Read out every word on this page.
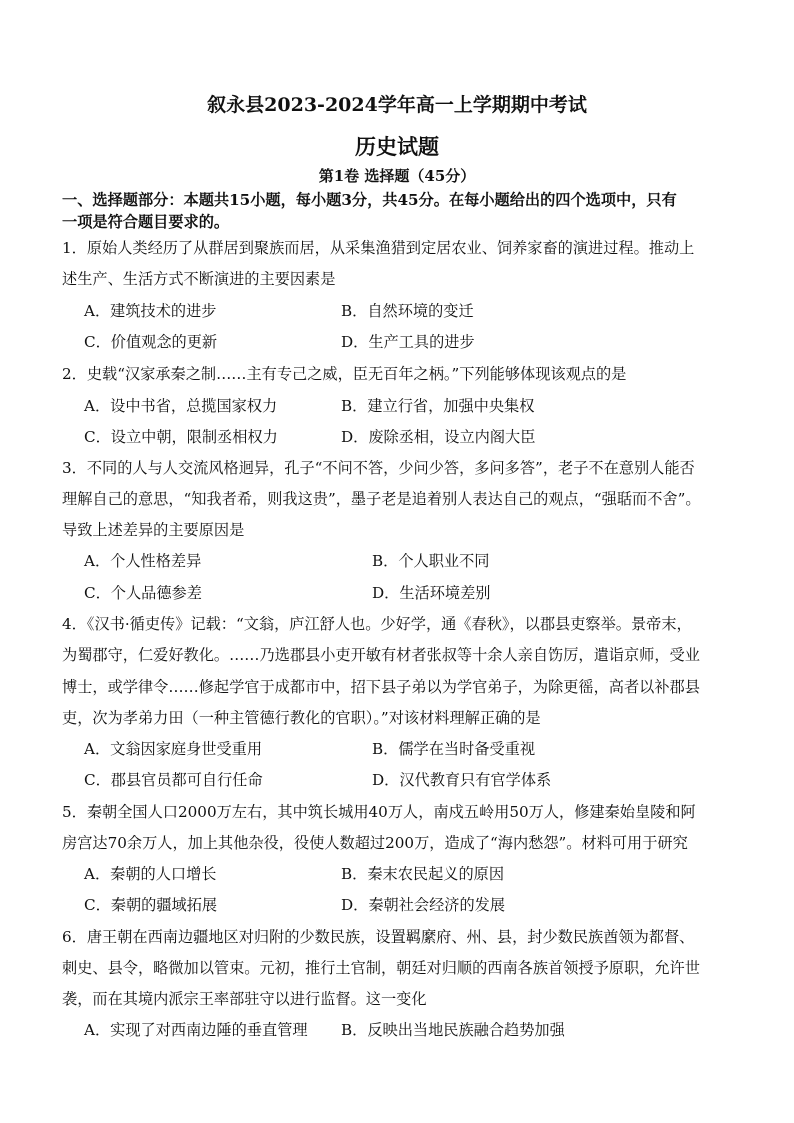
叙永县2023-2024学年高一上学期期中考试
历史试题
第1卷 选择题（45分）
一、选择题部分：本题共15小题，每小题3分，共45分。在每小题给出的四个选项中，只有
一项是符合题目要求的。
1．原始人类经历了从群居到聚族而居，从采集渔猎到定居农业、饲养家畜的演进过程。推动上
述生产、生活方式不断演进的主要因素是
A．建筑技术的进步	B．自然环境的变迁
C．价值观念的更新	D．生产工具的进步
2．史载“汉家承秦之制……主有专己之威，臣无百年之柄。”下列能够体现该观点的是
A．设中书省，总揽国家权力	B．建立行省，加强中央集权
C．设立中朝，限制丞相权力	D．废除丞相，设立内阁大臣
3．不同的人与人交流风格迥异，孔子“不问不答，少问少答，多问多答”，老子不在意别人能否
理解自己的意思，“知我者希，则我这贵”，墨子老是追着别人表达自己的观点，“强聒而不舍”。
导致上述差异的主要原因是
A．个人性格差异	B．个人职业不同
C．个人品德参差	D．生活环境差别
4．《汉书·循吏传》记载：“文翁，庐江舒人也。少好学，通《春秋》，以郡县吏察举。景帝末，
为蜀郡守，仁爱好教化。……乃选郡县小吏开敏有材者张叔等十余人亲自饬厉，遣诣京师，受业
博士，或学律令……修起学官于成都市中，招下县子弟以为学官弟子，为除更徭，高者以补郡县
吏，次为孝弟力田（一种主管德行教化的官职）。”对该材料理解正确的是
A．文翁因家庭身世受重用	B．儒学在当时备受重视
C．郡县官员都可自行任命	D．汉代教育只有官学体系
5．秦朝全国人口2000万左右，其中筑长城用40万人，南戍五岭用50万人，修建秦始皇陵和阿
房宫达70余万人，加上其他杂役，役使人数超过200万，造成了“海内愁怨”。材料可用于研究
A．秦朝的人口增长	B．秦末农民起义的原因
C．秦朝的疆域拓展	D．秦朝社会经济的发展
6．唐王朝在西南边疆地区对归附的少数民族，设置羁縻府、州、县，封少数民族酋领为都督、
刺史、县令，略微加以管束。元初，推行土官制，朝廷对归顺的西南各族首领授予原职，允许世
袭，而在其境内派宗王率部驻守以进行监督。这一变化
A．实现了对西南边陲的垂直管理 B．反映出当地民族融合趋势加强
